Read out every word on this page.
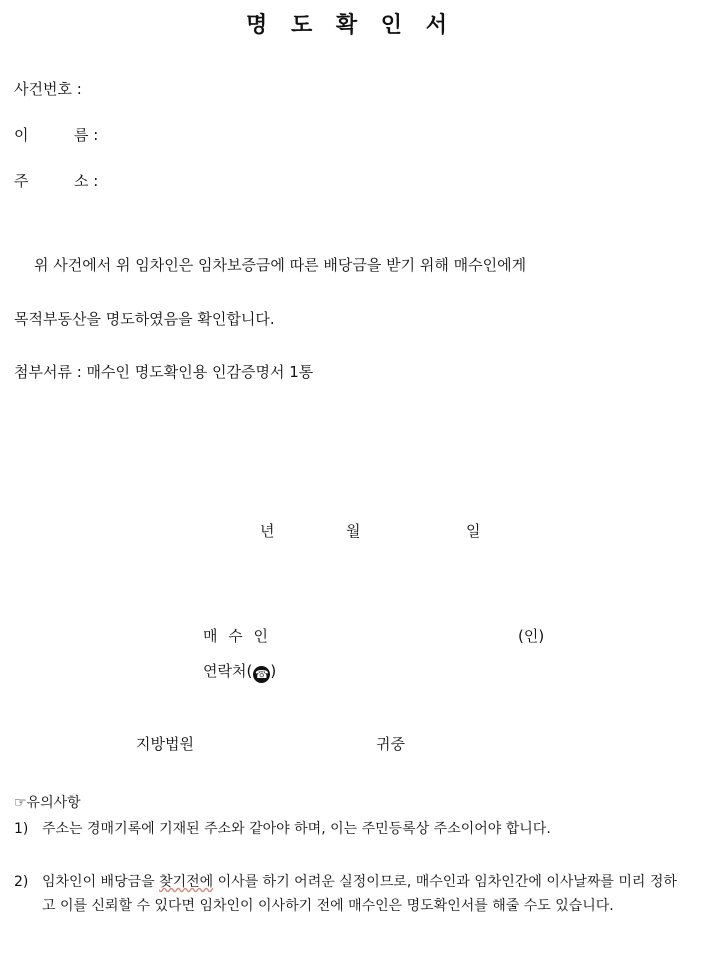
명 도 확 인 서
사건번호 :
이	름 :
주	소 :
위 사건에서 위 임차인은 임차보증금에 따른 배당금을 받기 위해 매수인에게
목적부동산을 명도하였음을 확인합니다.
첨부서류 : 매수인 명도확인용 인감증명서 1통
년	월	일
매 수 인	(인)
연락처( ☎ )
지방법원	귀중
☞유의사항
1) 주소는 경매기록에 기재된 주소와 같아야 하며, 이는 주민등록상 주소이어야 합니다.
2) 임차인이 배당금을 찾기전에 이사를 하기 어려운 실정이므로, 매수인과 임차인간에 이사날짜를 미리 정하고 이를 신뢰할 수 있다면 임차인이 이사하기 전에 매수인은 명도확인서를 해줄 수도 있습니다.
